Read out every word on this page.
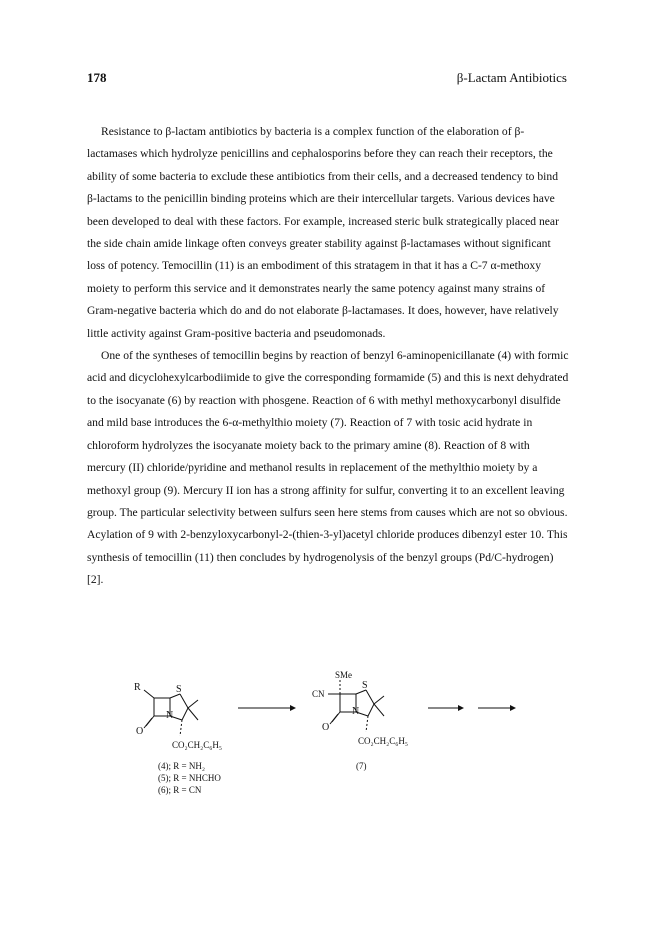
178	β-Lactam Antibiotics

Resistance to β-lactam antibiotics by bacteria is a complex function of the elaboration of β-lactamases which hydrolyze penicillins and cephalosporins before they can reach their receptors, the ability of some bacteria to exclude these antibiotics from their cells, and a decreased tendency to bind β-lactams to the penicillin binding proteins which are their intercellular targets. Various devices have been developed to deal with these factors. For example, increased steric bulk strategically placed near the side chain amide linkage often conveys greater stability against β-lactamases without significant loss of potency. Temocillin (11) is an embodiment of this stratagem in that it has a C-7 α-methoxy moiety to perform this service and it demonstrates nearly the same potency against many strains of Gram-negative bacteria which do and do not elaborate β-lactamases. It does, however, have relatively little activity against Gram-positive bacteria and pseudomonads.

One of the syntheses of temocillin begins by reaction of benzyl 6-aminopenicillanate (4) with formic acid and dicyclohexylcarbodiimide to give the corresponding formamide (5) and this is next dehydrated to the isocyanate (6) by reaction with phosgene. Reaction of 6 with methyl methoxycarbonyl disulfide and mild base introduces the 6-α-methylthio moiety (7). Reaction of 7 with tosic acid hydrate in chloroform hydrolyzes the isocyanate moiety back to the primary amine (8). Reaction of 8 with mercury (II) chloride/pyridine and methanol results in replacement of the methylthio moiety by a methoxyl group (9). Mercury II ion has a strong affinity for sulfur, converting it to an excellent leaving group. The particular selectivity between sulfurs seen here stems from causes which are not so obvious. Acylation of 9 with 2-benzyloxycarbonyl-2-(thien-3-yl)acetyl chloride produces dibenzyl ester 10. This synthesis of temocillin (11) then concludes by hydrogenolysis of the benzyl groups (Pd/C-hydrogen) [2].

R	S
N
O
CO₂CH₂C₆H₅
(4); R = NH₂
(5); R = NHCHO
(6); R = CN
SMe
CN
S
N
O
CO₂CH₂C₆H₅
(7)
